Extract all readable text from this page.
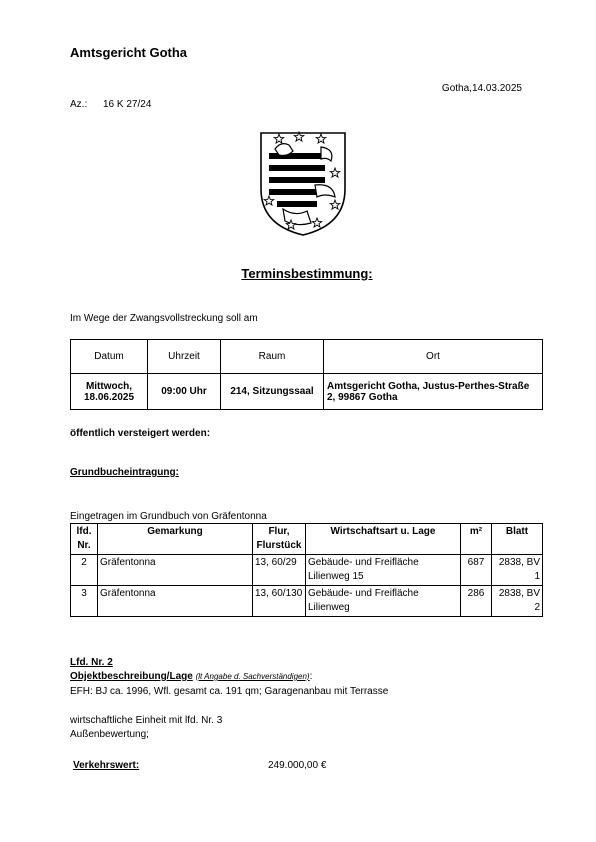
Amtsgericht Gotha
Gotha,14.03.2025
Az.: 16 K 27/24
Terminsbestimmung:
Im Wege der Zwangsvollstreckung soll am
Datum	Uhrzeit	Raum	Ort
Mittwoch,
18.06.2025	09:00 Uhr	214, Sitzungssaal	Amtsgericht Gotha, Justus-Perthes-Straße 2, 99867 Gotha
öffentlich versteigert werden:
Grundbucheintragung:
Eingetragen im Grundbuch von Gräfentonna
lfd. Nr.	Gemarkung	Flur, Flurstück	Wirtschaftsart u. Lage	m²	Blatt
2	Gräfentonna	13, 60/29	Gebäude- und Freifläche Lilienweg 15	687	2838, BV 1
3	Gräfentonna	13, 60/130	Gebäude- und Freifläche Lilienweg	286	2838, BV 2
Lfd. Nr. 2
Objektbeschreibung/Lage (lt Angabe d. Sachverständigen):
EFH: BJ ca. 1996, Wfl. gesamt ca. 191 qm; Garagenanbau mit Terrasse
wirtschaftliche Einheit mit lfd. Nr. 3
Außenbewertung;
Verkehrswert:	249.000,00 €
